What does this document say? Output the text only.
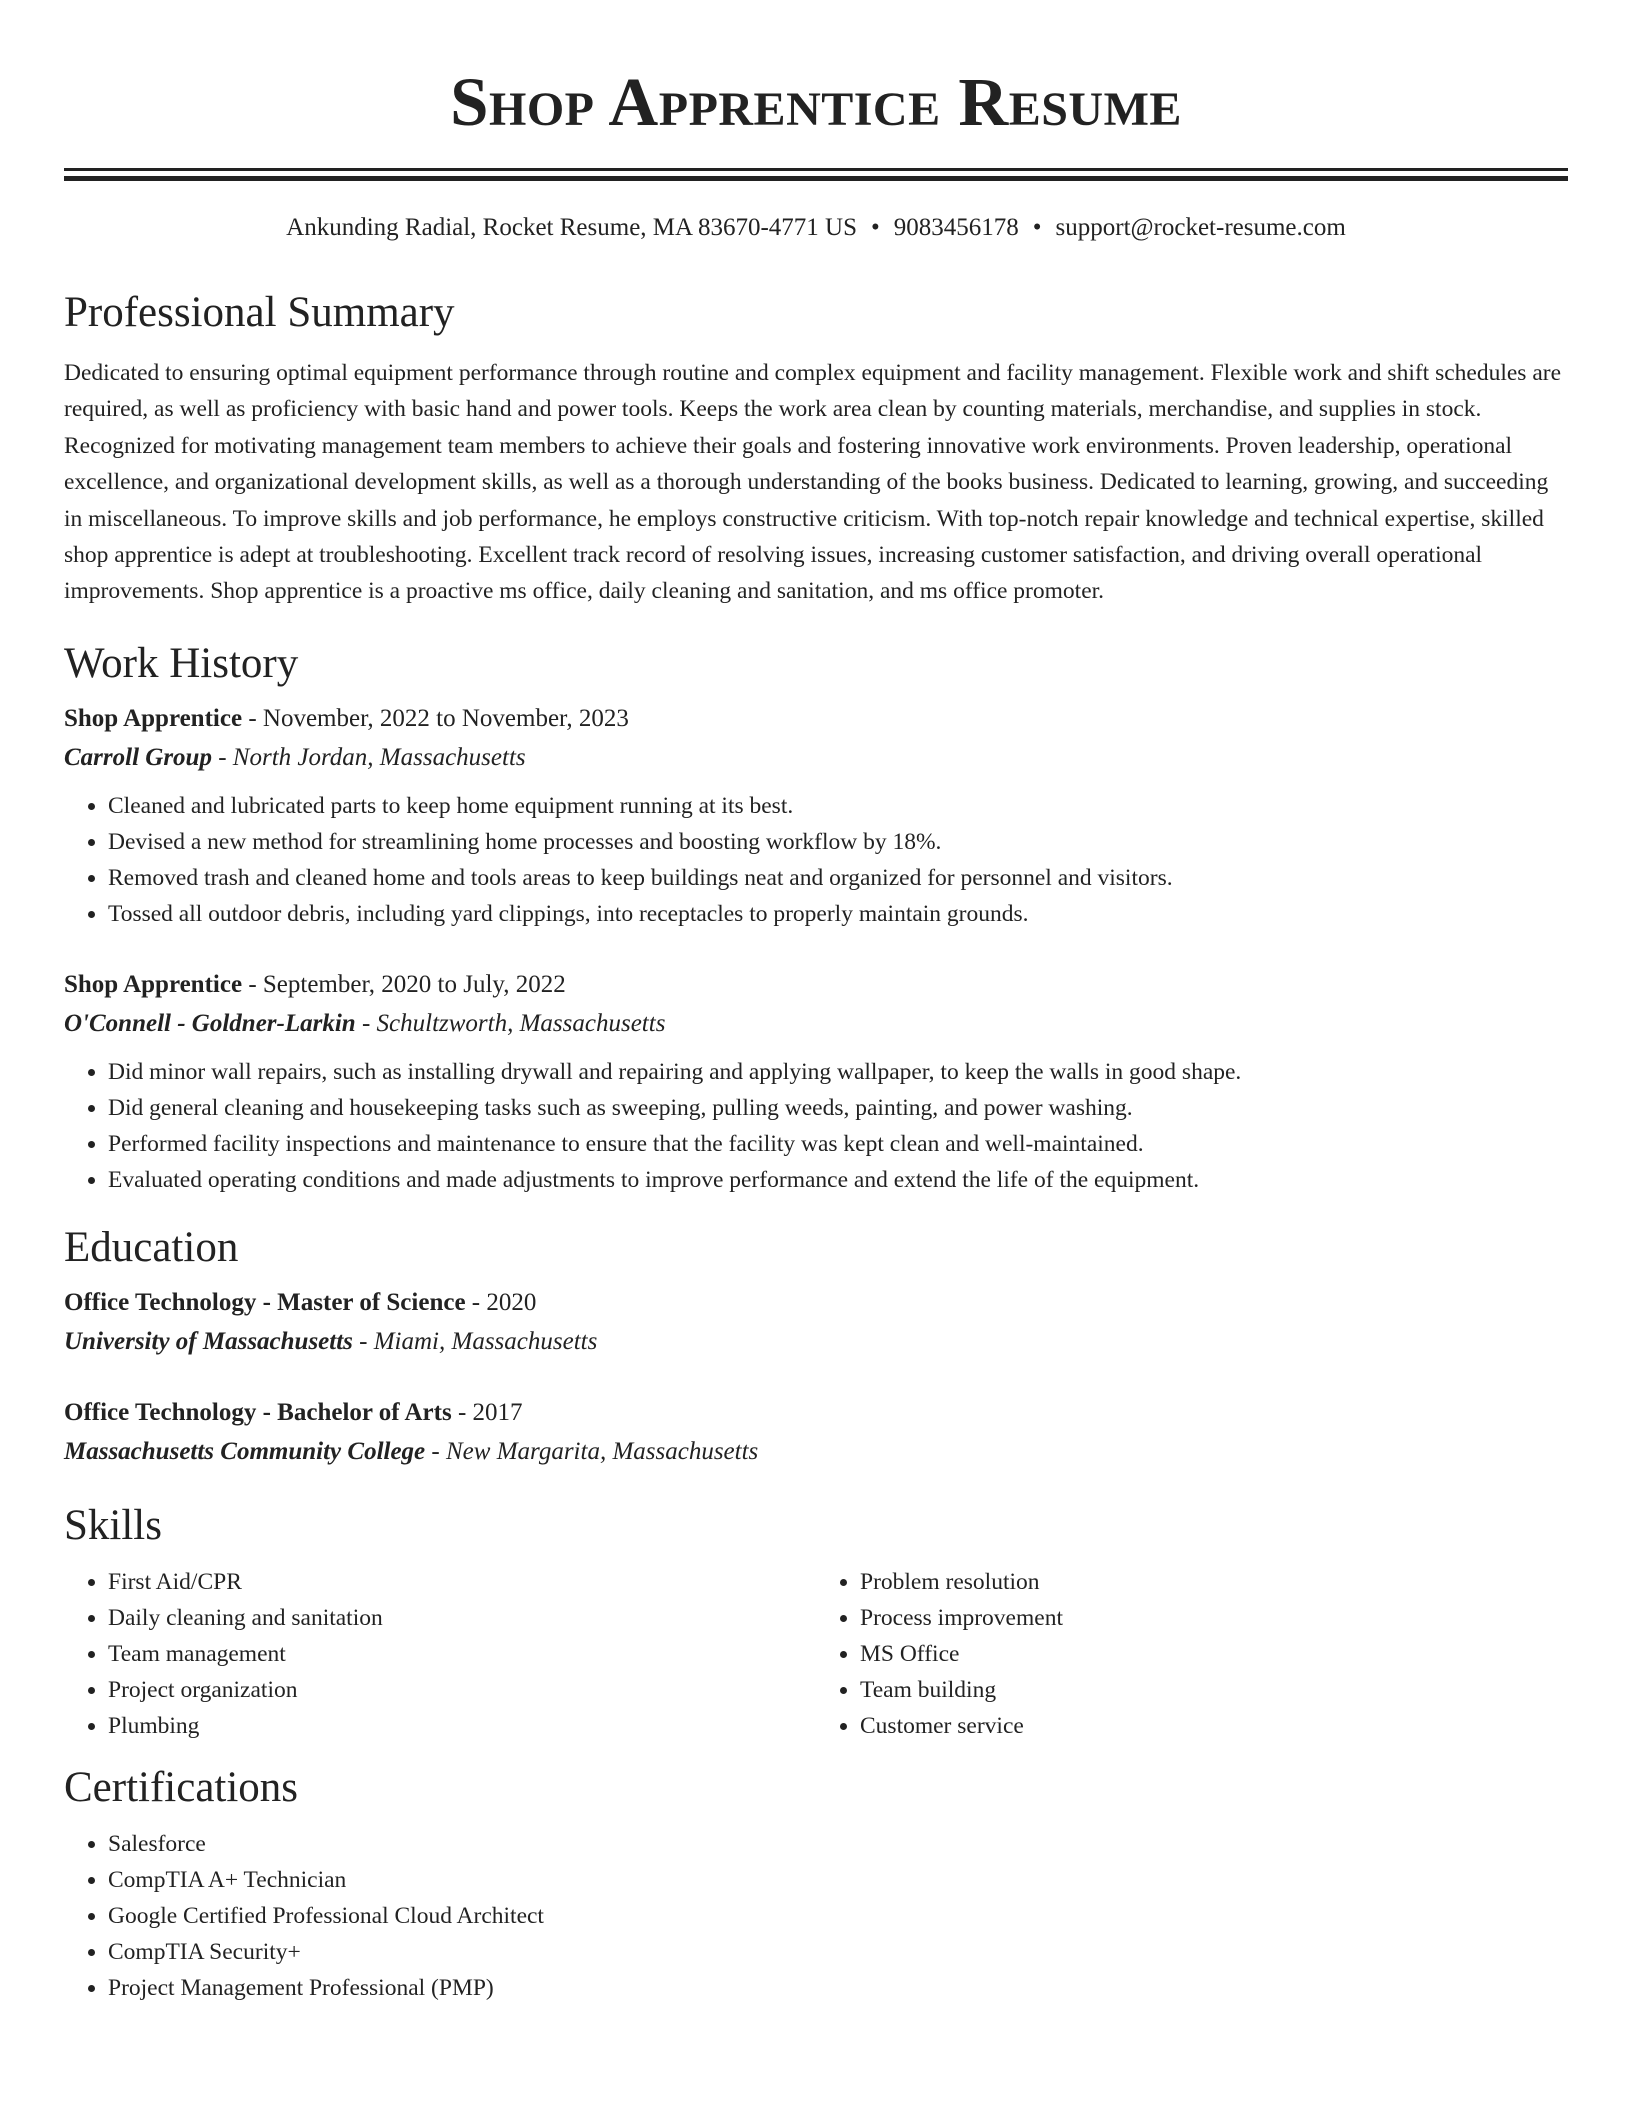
Shop Apprentice Resume
Ankunding Radial, Rocket Resume, MA 83670-4771 US • 9083456178 • support@rocket-resume.com
Professional Summary

Dedicated to ensuring optimal equipment performance through routine and complex equipment and facility management. Flexible work and shift schedules are required, as well as proficiency with basic hand and power tools. Keeps the work area clean by counting materials, merchandise, and supplies in stock. Recognized for motivating management team members to achieve their goals and fostering innovative work environments. Proven leadership, operational excellence, and organizational development skills, as well as a thorough understanding of the books business. Dedicated to learning, growing, and succeeding in miscellaneous. To improve skills and job performance, he employs constructive criticism. With top-notch repair knowledge and technical expertise, skilled shop apprentice is adept at troubleshooting. Excellent track record of resolving issues, increasing customer satisfaction, and driving overall operational improvements. Shop apprentice is a proactive ms office, daily cleaning and sanitation, and ms office promoter.

Work History
Shop Apprentice - November, 2022 to November, 2023
Carroll Group - North Jordan, Massachusetts
• Cleaned and lubricated parts to keep home equipment running at its best.
• Devised a new method for streamlining home processes and boosting workflow by 18%.
• Removed trash and cleaned home and tools areas to keep buildings neat and organized for personnel and visitors.
• Tossed all outdoor debris, including yard clippings, into receptacles to properly maintain grounds.
Shop Apprentice - September, 2020 to July, 2022
O'Connell - Goldner-Larkin - Schultzworth, Massachusetts
• Did minor wall repairs, such as installing drywall and repairing and applying wallpaper, to keep the walls in good shape.
• Did general cleaning and housekeeping tasks such as sweeping, pulling weeds, painting, and power washing.
• Performed facility inspections and maintenance to ensure that the facility was kept clean and well-maintained.
• Evaluated operating conditions and made adjustments to improve performance and extend the life of the equipment.
Education
Office Technology - Master of Science - 2020
University of Massachusetts - Miami, Massachusetts
Office Technology - Bachelor of Arts - 2017
Massachusetts Community College - New Margarita, Massachusetts
Skills
• First Aid/CPR
• Daily cleaning and sanitation
• Team management
• Project organization
• Plumbing
• Problem resolution
• Process improvement
• MS Office
• Team building
• Customer service
Certifications
• Salesforce
• CompTIA A+ Technician
• Google Certified Professional Cloud Architect
• CompTIA Security+
• Project Management Professional (PMP)
